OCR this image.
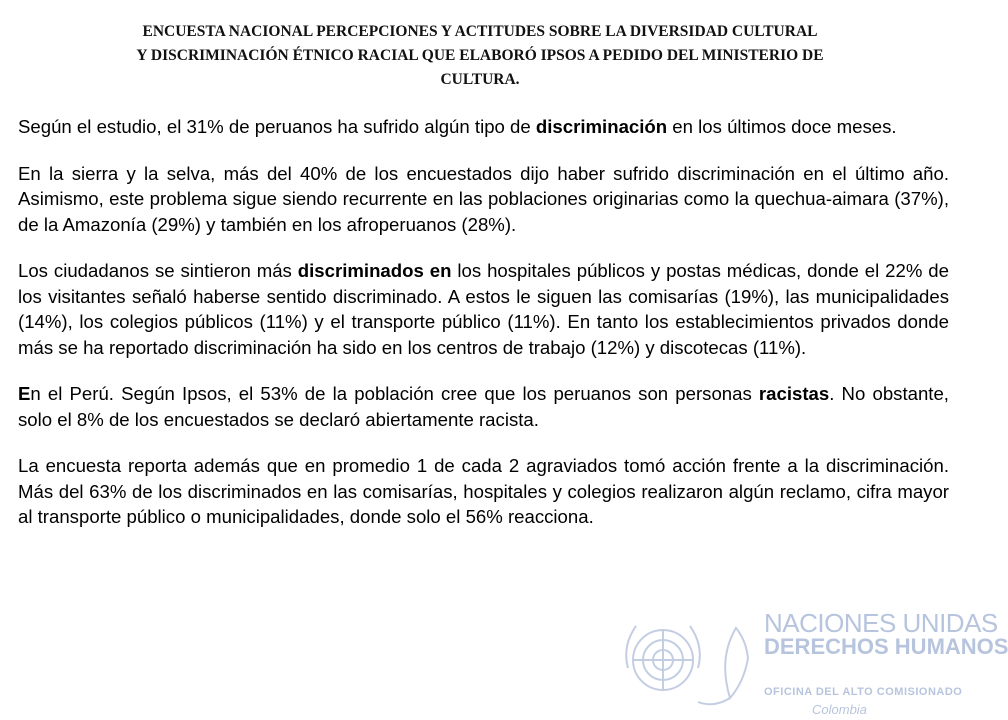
ENCUESTA NACIONAL PERCEPCIONES Y ACTITUDES SOBRE LA DIVERSIDAD CULTURAL
Y DISCRIMINACIÓN ÉTNICO RACIAL QUE ELABORÓ IPSOS A PEDIDO DEL MINISTERIO DE
CULTURA.

Según el estudio, el 31% de peruanos ha sufrido algún tipo de discriminación en los últimos doce meses.

En la sierra y la selva, más del 40% de los encuestados dijo haber sufrido discriminación en el último año. Asimismo, este problema sigue siendo recurrente en las poblaciones originarias como la quechua-aimara (37%), de la Amazonía (29%) y también en los afroperuanos (28%).

Los ciudadanos se sintieron más discriminados en los hospitales públicos y postas médicas, donde el 22% de los visitantes señaló haberse sentido discriminado. A estos le siguen las comisarías (19%), las municipalidades (14%), los colegios públicos (11%) y el transporte público (11%). En tanto los establecimientos privados donde más se ha reportado discriminación ha sido en los centros de trabajo (12%) y discotecas (11%).

En el Perú. Según Ipsos, el 53% de la población cree que los peruanos son personas racistas. No obstante, solo el 8% de los encuestados se declaró abiertamente racista.

La encuesta reporta además que en promedio 1 de cada 2 agraviados tomó acción frente a la discriminación. Más del 63% de los discriminados en las comisarías, hospitales y colegios realizaron algún reclamo, cifra mayor al transporte público o municipalidades, donde solo el 56% reacciona.

NACIONES UNIDAS
DERECHOS HUMANOS
OFICINA DEL ALTO COMISIONADO
Colombia
